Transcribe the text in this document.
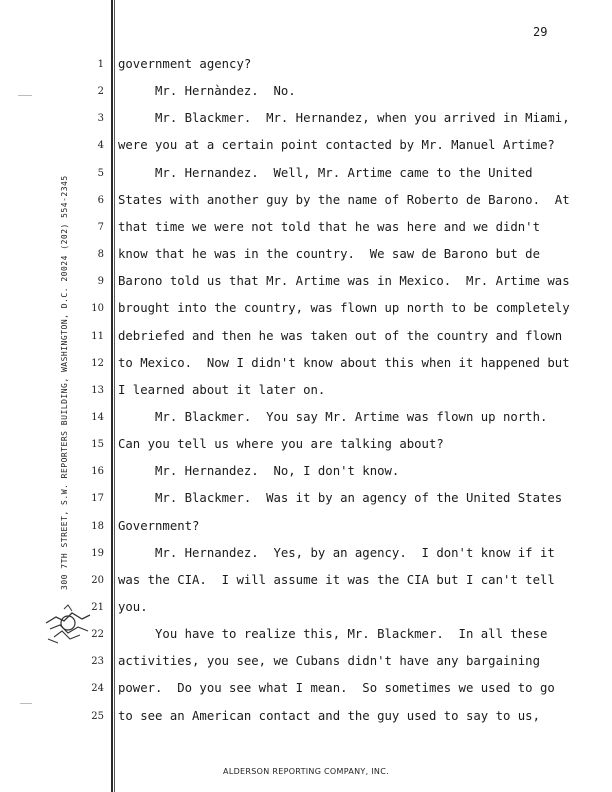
29
300 7TH STREET, S.W. REPORTERS BUILDING, WASHINGTON, D.C. 20024 (202) 554-2345
1
2
3
4
5
6
7
8
9
10
11
12
13
14
15
16
17
18
19
20
21
22
23
24
25
government agency?
Mr. Hernàndez.  No.
Mr. Blackmer.  Mr. Hernandez, when you arrived in Miami,
were you at a certain point contacted by Mr. Manuel Artime?
Mr. Hernandez.  Well, Mr. Artime came to the United
States with another guy by the name of Roberto de Barono.  At
that time we were not told that he was here and we didn't
know that he was in the country.  We saw de Barono but de
Barono told us that Mr. Artime was in Mexico.  Mr. Artime was
brought into the country, was flown up north to be completely
debriefed and then he was taken out of the country and flown
to Mexico.  Now I didn't know about this when it happened but
I learned about it later on.
Mr. Blackmer.  You say Mr. Artime was flown up north.
Can you tell us where you are talking about?
Mr. Hernandez.  No, I don't know.
Mr. Blackmer.  Was it by an agency of the United States
Government?
Mr. Hernandez.  Yes, by an agency.  I don't know if it
was the CIA.  I will assume it was the CIA but I can't tell
you.
You have to realize this, Mr. Blackmer.  In all these
activities, you see, we Cubans didn't have any bargaining
power.  Do you see what I mean.  So sometimes we used to go
to see an American contact and the guy used to say to us,
ALDERSON REPORTING COMPANY, INC.
